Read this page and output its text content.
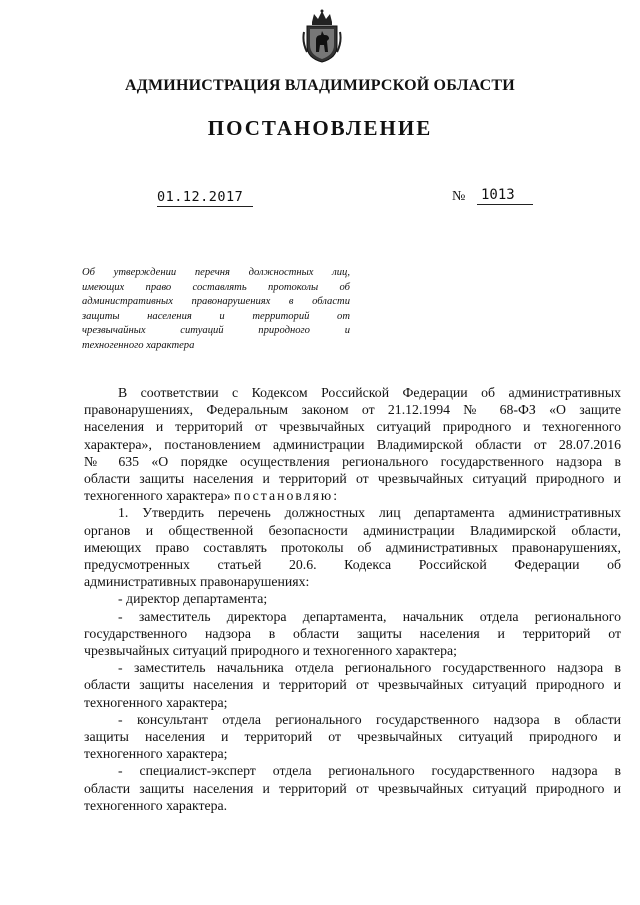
АДМИНИСТРАЦИЯ ВЛАДИМИРСКОЙ ОБЛАСТИ
ПОСТАНОВЛЕНИЕ
01.12.2017	№ 1013
Об утверждении перечня должностных лиц,
имеющих право составлять протоколы об
административных правонарушениях в области
защиты населения и территорий от
чрезвычайных ситуаций природного и
техногенного характера
В соответствии с Кодексом Российской Федерации об административных
правонарушениях, Федеральным законом от 21.12.1994 № 68-ФЗ «О защите
населения и территорий от чрезвычайных ситуаций природного и техногенного
характера», постановлением администрации Владимирской области от 28.07.2016
№ 635 «О порядке осуществления регионального государственного надзора в
области защиты населения и территорий от чрезвычайных ситуаций природного и
техногенного характера» постановляю:
1. Утвердить перечень должностных лиц департамента административных
органов и общественной безопасности администрации Владимирской области,
имеющих право составлять протоколы об административных правонарушениях,
предусмотренных статьей 20.6. Кодекса Российской Федерации об
административных правонарушениях:
- директор департамента;
- заместитель директора департамента, начальник отдела регионального
государственного надзора в области защиты населения и территорий от
чрезвычайных ситуаций природного и техногенного характера;
- заместитель начальника отдела регионального государственного надзора в
области защиты населения и территорий от чрезвычайных ситуаций природного и
техногенного характера;
- консультант отдела регионального государственного надзора в области
защиты населения и территорий от чрезвычайных ситуаций природного и
техногенного характера;
- специалист-эксперт отдела регионального государственного надзора в
области защиты населения и территорий от чрезвычайных ситуаций природного и
техногенного характера.
